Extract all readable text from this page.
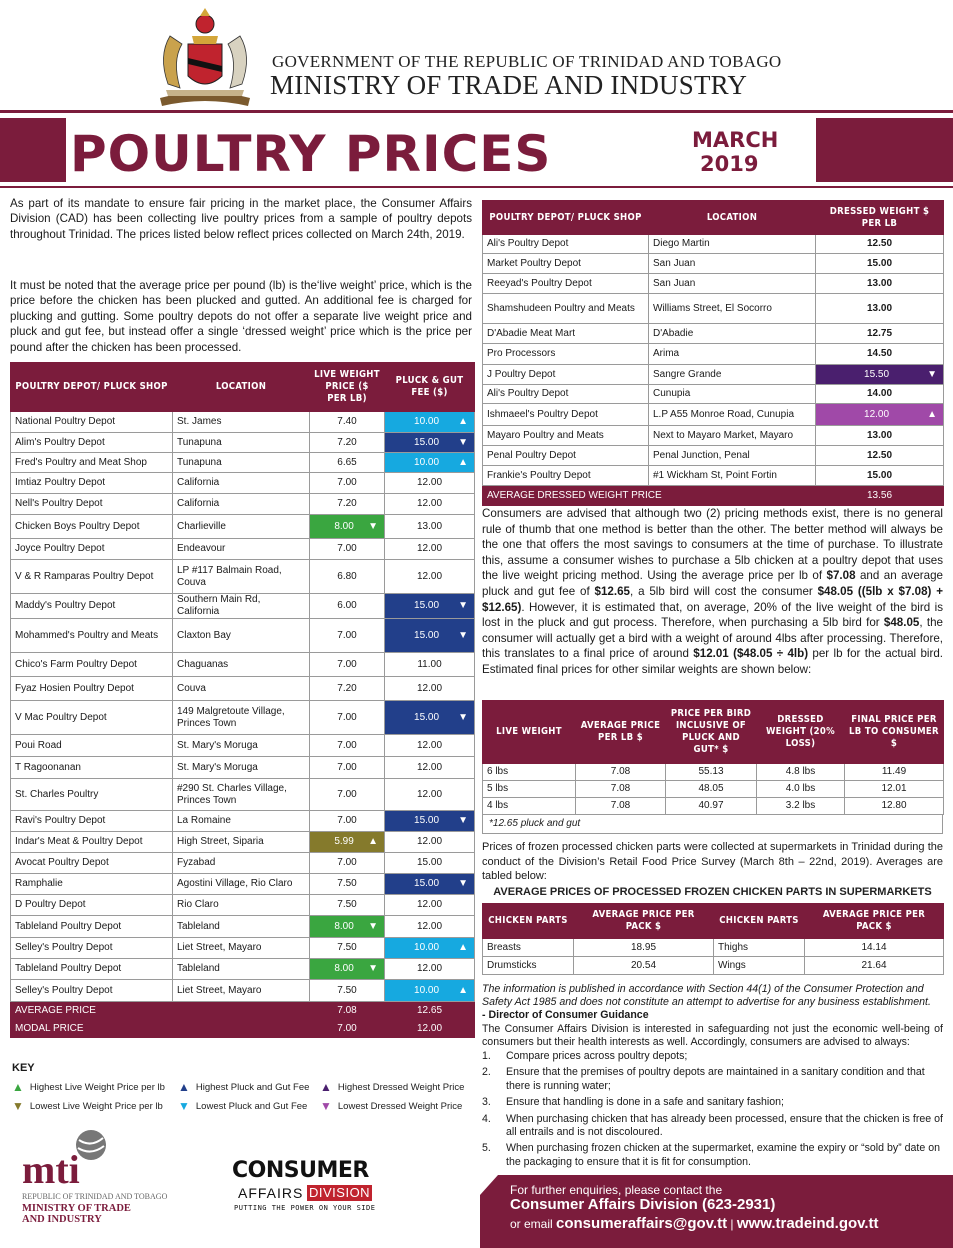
GOVERNMENT OF THE REPUBLIC OF TRINIDAD AND TOBAGO
MINISTRY OF TRADE AND INDUSTRY
POULTRY PRICES	MARCH
2019
As part of its mandate to ensure fair pricing in the market place, the Consumer Affairs Division (CAD) has been collecting live poultry prices from a sample of poultry depots throughout Trinidad. The prices listed below reflect prices collected on March 24th, 2019.
It must be noted that the average price per pound (lb) is the‘live weight’ price, which is the price before the chicken has been plucked and gutted. An additional fee is charged for plucking and gutting. Some poultry depots do not offer a separate live weight price and pluck and gut fee, but instead offer a single ‘dressed weight’ price which is the price per pound after the chicken has been processed.
POULTRY DEPOT/ PLUCK SHOP	LOCATION	LIVE WEIGHT PRICE ($ PER LB)	PLUCK & GUT FEE ($)
National Poultry Depot	St. James	7.40	10.00 ▲

Alim's Poultry Depot	Tunapuna	7.20	15.00 ▼

Fred's Poultry and Meat Shop	Tunapuna	6.65	10.00 ▲

Imtiaz Poultry Depot	California	7.00	12.00
Nell's Poultry Depot	California	7.20	12.00
Chicken Boys Poultry Depot	Charlieville	8.00 ▼	13.00
Joyce Poultry Depot	Endeavour	7.00	12.00
V & R Ramparas Poultry Depot	LP #117 Balmain Road, Couva	6.80	12.00
Maddy's Poultry Depot	Southern Main Rd, California	6.00	15.00 ▼

Mohammed's Poultry and Meats	Claxton Bay	7.00	15.00 ▼

Chico's Farm Poultry Depot	Chaguanas	7.00	11.00
Fyaz Hosien Poultry Depot	Couva	7.20	12.00
V Mac Poultry Depot	149 Malgretoute Village, Princes Town	7.00	15.00 ▼

Poui Road	St. Mary's Moruga	7.00	12.00
T Ragoonanan	St. Mary's Moruga	7.00	12.00
St. Charles Poultry	#290 St. Charles Village, Princes Town	7.00	12.00
Ravi's Poultry Depot	La Romaine	7.00	15.00 ▼

Indar's Meat & Poultry Depot	High Street, Siparia	5.99 ▲	12.00
Avocat Poultry Depot	Fyzabad	7.00	15.00
Ramphalie	Agostini Village, Rio Claro	7.50	15.00 ▼

D Poultry Depot	Rio Claro	7.50	12.00
Tableland Poultry Depot	Tableland	8.00 ▼	12.00
Selley's Poultry Depot	Liet Street, Mayaro	7.50	10.00 ▲

Tableland Poultry Depot	Tableland	8.00 ▼	12.00
Selley's Poultry Depot	Liet Street, Mayaro	7.50	10.00 ▲

AVERAGE PRICE		7.08	12.65
MODAL PRICE		7.00	12.00
KEY
▲ Highest Live Weight Price per lb ▲ Highest Pluck and Gut Fee ▲ Highest Dressed Weight Price
▼ Lowest Live Weight Price per lb ▼ Lowest Pluck and Gut Fee ▼ Lowest Dressed Weight Price
mti
REPUBLIC OF TRINIDAD AND TOBAGO
MINISTRY OF TRADE
AND INDUSTRY
CONSUMER
AFFAIRS DIVISION
PUTTING THE POWER ON YOUR SIDE
POULTRY DEPOT/ PLUCK SHOP	LOCATION	DRESSED WEIGHT $ PER LB
Ali's Poultry Depot	Diego Martin	12.50
Market Poultry Depot	San Juan	15.00
Reeyad's Poultry Depot	San Juan	13.00
Shamshudeen Poultry and Meats	Williams Street, El Socorro	13.00
D'Abadie Meat Mart	D'Abadie	12.75
Pro Processors	Arima	14.50
J Poultry Depot	Sangre Grande	15.50 ▼

Ali's Poultry Depot	Cunupia	14.00
Ishmaeel's Poultry Depot	L.P A55 Monroe Road, Cunupia	12.00 ▲

Mayaro Poultry and Meats	Next to Mayaro Market, Mayaro	13.00
Penal Poultry Depot	Penal Junction, Penal	12.50
Frankie's Poultry Depot	#1 Wickham St, Point Fortin	15.00
AVERAGE DRESSED WEIGHT PRICE		13.56
Consumers are advised that although two (2) pricing methods exist, there is no general rule of thumb that one method is better than the other. The better method will always be the one that offers the most savings to consumers at the time of purchase. To illustrate this, assume a consumer wishes to purchase a 5lb chicken at a poultry depot that uses the live weight pricing method. Using the average price per lb of $7.08 and an average pluck and gut fee of $12.65, a 5lb bird will cost the consumer $48.05 ((5lb x $7.08) + $12.65). However, it is estimated that, on average, 20% of the live weight of the bird is lost in the pluck and gut process. Therefore, when purchasing a 5lb bird for $48.05, the consumer will actually get a bird with a weight of around 4lbs after processing. Therefore, this translates to a final price of around $12.01 ($48.05 ÷ 4lb) per lb for the actual bird. Estimated final prices for other similar weights are shown below:
LIVE WEIGHT	AVERAGE PRICE PER LB $	PRICE PER BIRD INCLUSIVE OF PLUCK AND GUT* $	DRESSED WEIGHT (20% LOSS)	FINAL PRICE PER LB TO CONSUMER $
6 lbs	7.08	55.13	4.8 lbs	11.49
5 lbs	7.08	48.05	4.0 lbs	12.01
4 lbs	7.08	40.97	3.2 lbs	12.80
*12.65 pluck and gut
Prices of frozen processed chicken parts were collected at supermarkets in Trinidad during the conduct of the Division’s Retail Food Price Survey (March 8th – 22nd, 2019). Averages are tabled below:
AVERAGE PRICES OF PROCESSED FROZEN CHICKEN PARTS IN SUPERMARKETS
CHICKEN PARTS	AVERAGE PRICE PER PACK $	CHICKEN PARTS	AVERAGE PRICE PER PACK $
Breasts	18.95	Thighs	14.14
Drumsticks	20.54	Wings	21.64
The information is published in accordance with Section 44(1) of the Consumer Protection and Safety Act 1985 and does not constitute an attempt to advertise for any business establishment.
- Director of Consumer Guidance
The Consumer Affairs Division is interested in safeguarding not just the economic well-being of consumers but their health interests as well. Accordingly, consumers are advised to always:
1.	Compare prices across poultry depots;
2.	Ensure that the premises of poultry depots are maintained in a sanitary condition and that there is running water;
3.	Ensure that handling is done in a safe and sanitary fashion;
4.	When purchasing chicken that has already been processed, ensure that the chicken is free of all entrails and is not discoloured.
5.	When purchasing frozen chicken at the supermarket, examine the expiry or “sold by” date on the packaging to ensure that it is fit for consumption.
For further enquiries, please contact the
Consumer Affairs Division (623-2931)
or email consumeraffairs@gov.tt | www.tradeind.gov.tt
